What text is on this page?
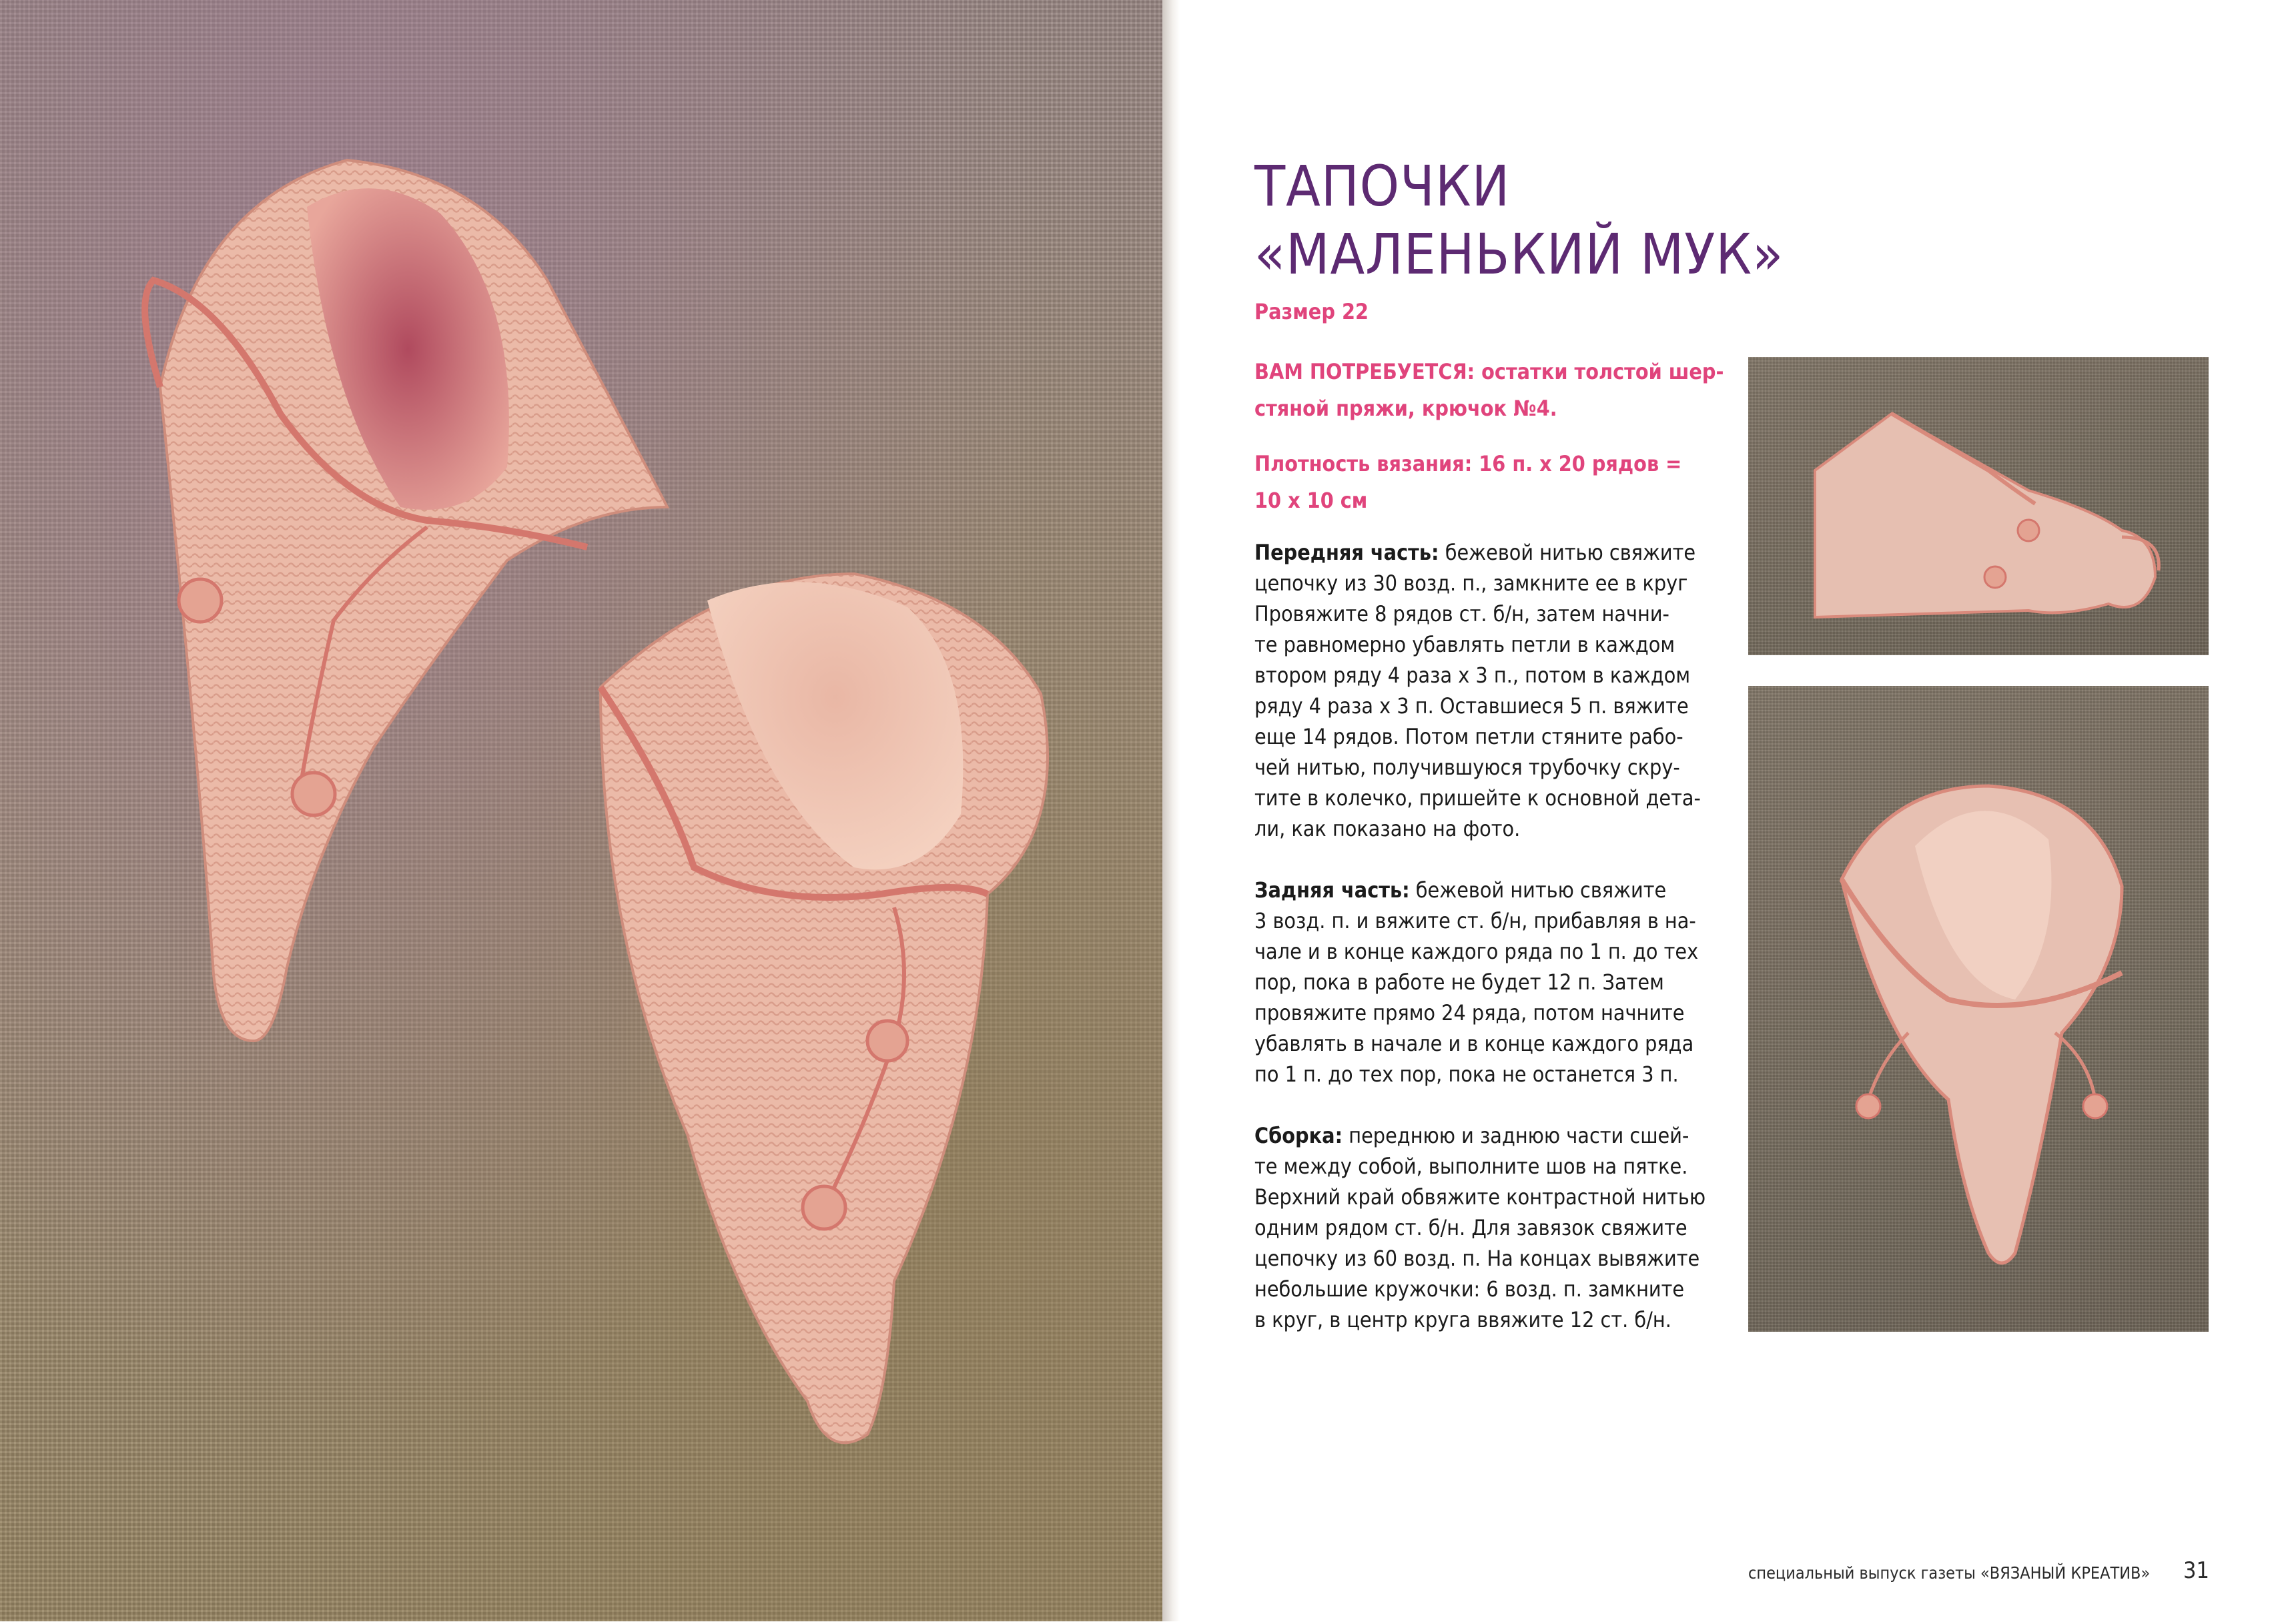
ТАПОЧКИ
«МАЛЕНЬКИЙ МУК»

Размер 22

ВАМ ПОТРЕБУЕТСЯ: остатки толстой шер-
стяной пряжи, крючок №4.

Плотность вязания: 16 п. х 20 рядов =
10 х 10 см

Передняя часть: бежевой нитью свяжите
цепочку из 30 возд. п., замкните ее в круг
Провяжите 8 рядов ст. б/н, затем начни-
те равномерно убавлять петли в каждом
втором ряду 4 раза х 3 п., потом в каждом
ряду 4 раза х 3 п. Оставшиеся 5 п. вяжите
еще 14 рядов. Потом петли стяните рабо-
чей нитью, получившуюся трубочку скру-
тите в колечко, пришейте к основной дета-
ли, как показано на фото.

Задняя часть: бежевой нитью свяжите
3 возд. п. и вяжите ст. б/н, прибавляя в на-
чале и в конце каждого ряда по 1 п. до тех
пор, пока в работе не будет 12 п. Затем
провяжите прямо 24 ряда, потом начните
убавлять в начале и в конце каждого ряда
по 1 п. до тех пор, пока не останется 3 п.

Сборка: переднюю и заднюю части сшей-
те между собой, выполните шов на пятке.
Верхний край обвяжите контрастной нитью
одним рядом ст. б/н. Для завязок свяжите
цепочку из 60 возд. п. На концах вывяжите
небольшие кружочки: 6 возд. п. замкните
в круг, в центр круга ввяжите 12 ст. б/н.

специальный выпуск газеты «ВЯЗАНЫЙ КРЕАТИВ» 31
